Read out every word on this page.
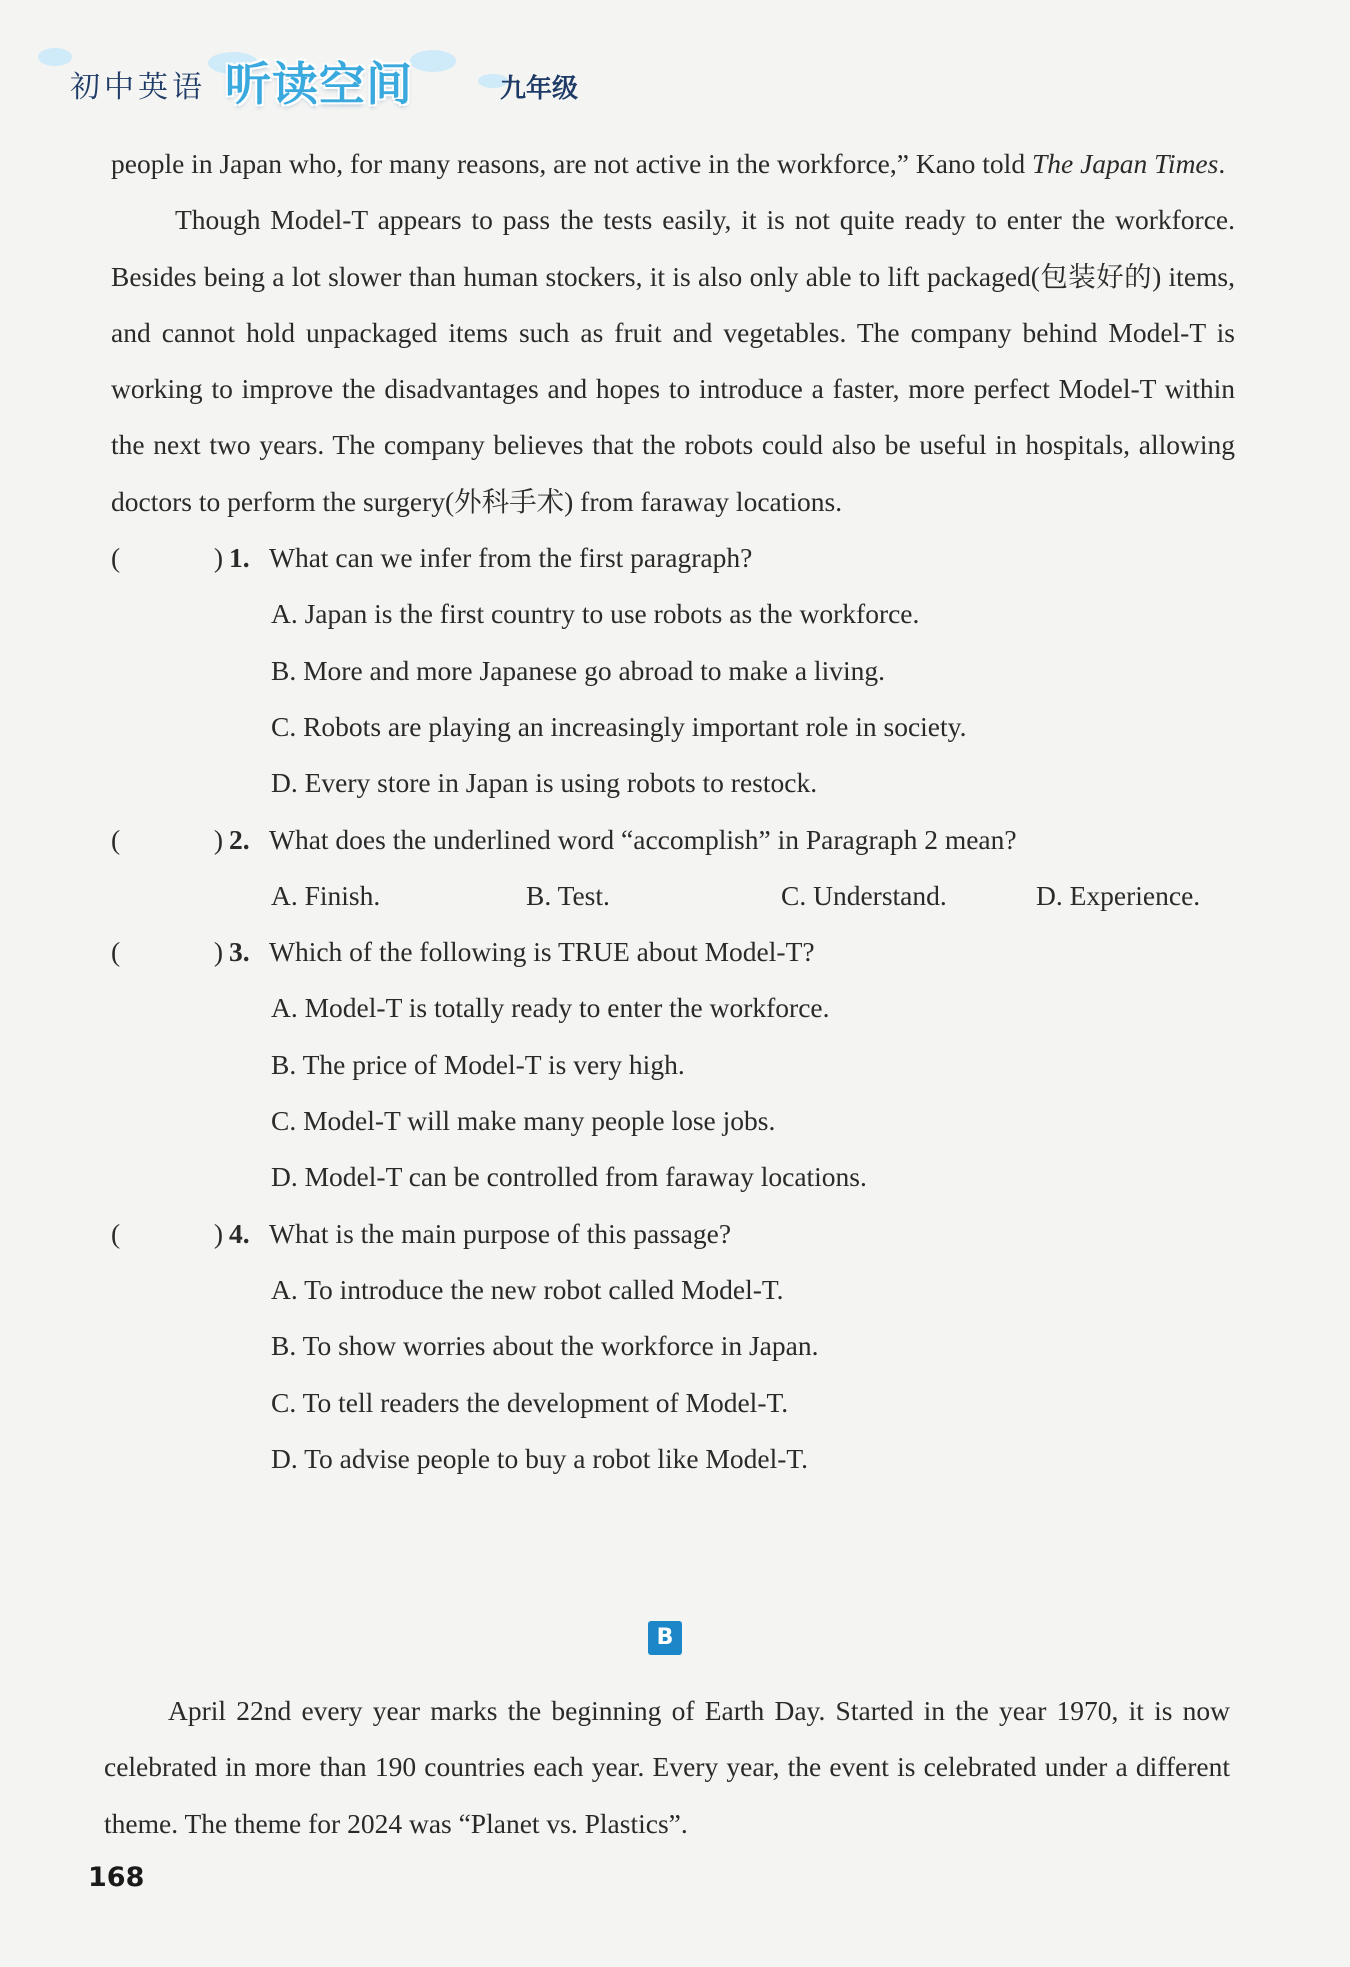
初中英语 听读空间	九年级

people in Japan who, for many reasons, are not active in the workforce,” Kano told The Japan Times.

Though Model-T appears to pass the tests easily, it is not quite ready to enter the workforce. Besides being a lot slower than human stockers, it is also only able to lift packaged(包装好的) items, and cannot hold unpackaged items such as fruit and vegetables. The company behind Model-T is working to improve the disadvantages and hopes to introduce a faster, more perfect Model-T within the next two years. The company believes that the robots could also be useful in hospitals, allowing doctors to perform the surgery(外科手术) from faraway locations.

(	) 1. What can we infer from the first paragraph?

A. Japan is the first country to use robots as the workforce.

B. More and more Japanese go abroad to make a living.

C. Robots are playing an increasingly important role in society.

D. Every store in Japan is using robots to restock.

(	) 2. What does the underlined word “accomplish” in Paragraph 2 mean?
A. Finish.	B. Test.	C. Understand.	D. Experience.
(	) 3. Which of the following is TRUE about Model-T?

A. Model-T is totally ready to enter the workforce.

B. The price of Model-T is very high.

C. Model-T will make many people lose jobs.

D. Model-T can be controlled from faraway locations.

(	) 4. What is the main purpose of this passage?

A. To introduce the new robot called Model-T.

B. To show worries about the workforce in Japan.

C. To tell readers the development of Model-T.

D. To advise people to buy a robot like Model-T.

B

April 22nd every year marks the beginning of Earth Day. Started in the year 1970, it is now celebrated in more than 190 countries each year. Every year, the event is celebrated under a different theme. The theme for 2024 was “Planet vs. Plastics”.

168
